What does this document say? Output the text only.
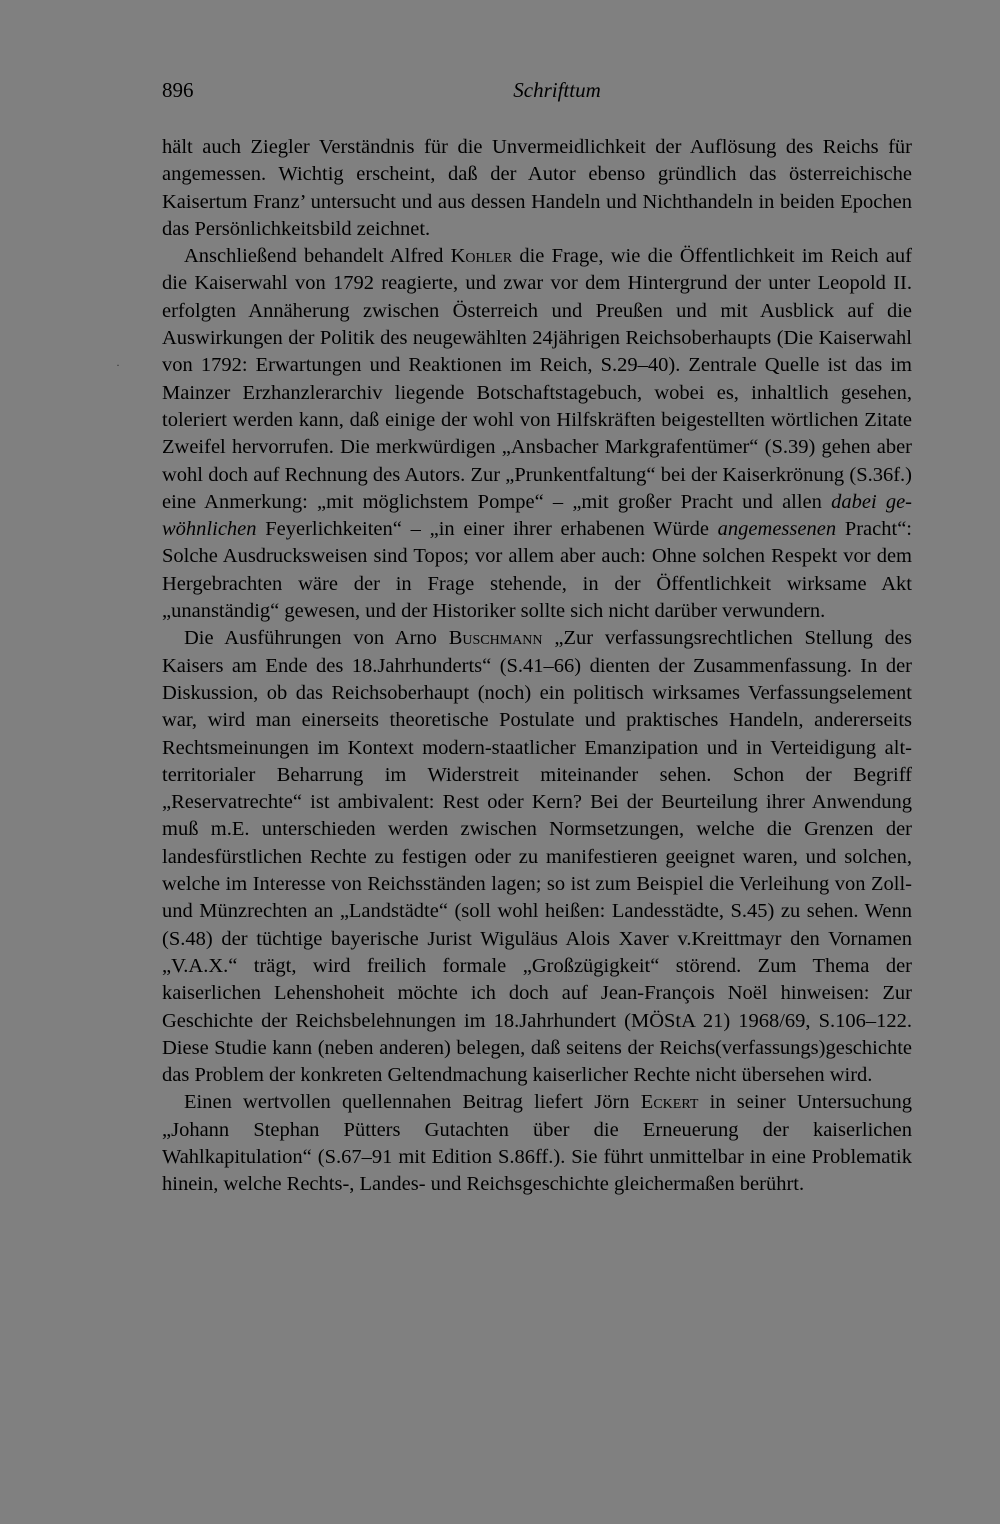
896	Schrifttum

hält auch Ziegler Verständnis für die Unvermeidlichkeit der Auflösung des Reichs für angemessen. Wichtig erscheint, daß der Autor ebenso gründlich das österreichische Kaisertum Franz’ untersucht und aus dessen Handeln und Nichthandeln in beiden Epochen das Persönlichkeitsbild zeichnet.

Anschließend behandelt Alfred Kohler die Frage, wie die Öffentlichkeit im Reich auf die Kaiserwahl von 1792 reagierte, und zwar vor dem Hintergrund der unter Leopold II. erfolgten Annäherung zwischen Österreich und Preußen und mit Ausblick auf die Auswirkungen der Politik des neugewählten 24jährigen Reichsoberhaupts (Die Kaiserwahl von 1792: Erwartungen und Reaktionen im Reich, S.29–40). Zentrale Quelle ist das im Mainzer Erzhanzlerarchiv liegende Botschaftstagebuch, wobei es, inhaltlich gesehen, toleriert werden kann, daß einige der wohl von Hilfskräften beigestellten wörtlichen Zitate Zweifel hervorrufen. Die merkwürdigen „Ansbacher Markgrafentümer“ (S.39) gehen aber wohl doch auf Rechnung des Autors. Zur „Prunkentfaltung“ bei der Kaiserkrönung (S.36f.) eine Anmerkung: „mit möglichstem Pompe“ – „mit großer Pracht und allen dabei gewöhnlichen Feyerlichkeiten“ – „in einer ihrer erhabenen Würde angemessenen Pracht“: Solche Ausdrucksweisen sind Topos; vor allem aber auch: Ohne solchen Respekt vor dem Hergebrachten wäre der in Frage stehende, in der Öffentlichkeit wirksame Akt „unanständig“ gewesen, und der Historiker sollte sich nicht darüber verwundern.

Die Ausführungen von Arno Buschmann „Zur verfassungsrechtlichen Stellung des Kaisers am Ende des 18.Jahrhunderts“ (S.41–66) dienten der Zusammenfassung. In der Diskussion, ob das Reichsoberhaupt (noch) ein politisch wirksames Verfassungselement war, wird man einerseits theoretische Postulate und praktisches Handeln, andererseits Rechtsmeinungen im Kontext modern-staatlicher Emanzipation und in Verteidigung alt-territorialer Beharrung im Widerstreit miteinander sehen. Schon der Begriff „Reservatrechte“ ist ambivalent: Rest oder Kern? Bei der Beurteilung ihrer Anwendung muß m.E. unterschieden werden zwischen Normsetzungen, welche die Grenzen der landesfürstlichen Rechte zu festigen oder zu manifestieren geeignet waren, und solchen, welche im Interesse von Reichsständen lagen; so ist zum Beispiel die Verleihung von Zoll- und Münzrechten an „Landstädte“ (soll wohl heißen: Landesstädte, S.45) zu sehen. Wenn (S.48) der tüchtige bayerische Jurist Wiguläus Alois Xaver v.Kreittmayr den Vornamen „V.A.X.“ trägt, wird freilich formale „Großzügigkeit“ störend. Zum Thema der kaiserlichen Lehenshoheit möchte ich doch auf Jean-François Noël hinweisen: Zur Geschichte der Reichsbelehnungen im 18.Jahrhundert (MÖStA 21) 1968/69, S.106–122. Diese Studie kann (neben anderen) belegen, daß seitens der Reichs(verfassungs)geschichte das Problem der konkreten Geltendmachung kaiserlicher Rechte nicht übersehen wird.

Einen wertvollen quellennahen Beitrag liefert Jörn Eckert in seiner Untersuchung „Johann Stephan Pütters Gutachten über die Erneuerung der kaiserlichen Wahlkapitulation“ (S.67–91 mit Edition S.86ff.). Sie führt unmittelbar in eine Problematik hinein, welche Rechts-, Landes- und Reichsgeschichte gleichermaßen berührt.

·
